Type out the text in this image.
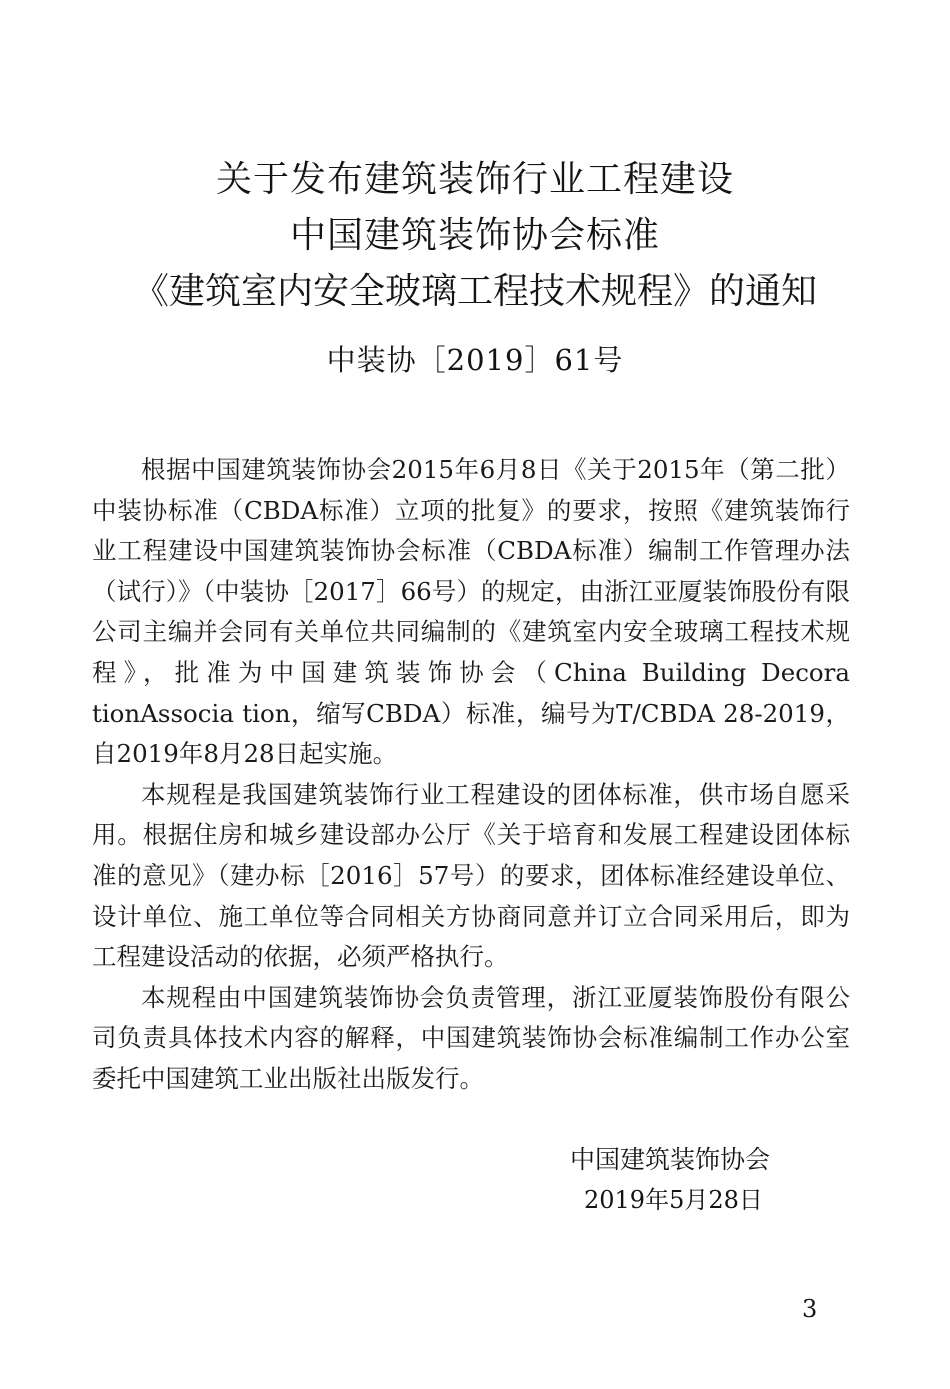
关于发布建筑装饰行业工程建设
中国建筑装饰协会标准
《建筑室内安全玻璃工程技术规程》的通知
中装协［2019］61号

根据中国建筑装饰协会2015年6月8日《关于2015年（第二批）中装协标准（CBDA标准）立项的批复》的要求，按照《建筑装饰行业工程建设中国建筑装饰协会标准（CBDA标准）编制工作管理办法（试行）》（中装协［2017］66号）的规定，由浙江亚厦装饰股份有限公司主编并会同有关单位共同编制的《建筑室内安全玻璃工程技术规程》，批准为中国建筑装饰协会（China Building Decora tionAssocia tion，缩写CBDA）标准，编号为T/CBDA 28-2019，自2019年8月28日起实施。

本规程是我国建筑装饰行业工程建设的团体标准，供市场自愿采用。根据住房和城乡建设部办公厅《关于培育和发展工程建设团体标准的意见》（建办标［2016］57号）的要求，团体标准经建设单位、设计单位、施工单位等合同相关方协商同意并订立合同采用后，即为工程建设活动的依据，必须严格执行。

本规程由中国建筑装饰协会负责管理，浙江亚厦装饰股份有限公司负责具体技术内容的解释，中国建筑装饰协会标准编制工作办公室委托中国建筑工业出版社出版发行。

中国建筑装饰协会
2019年5月28日
3
